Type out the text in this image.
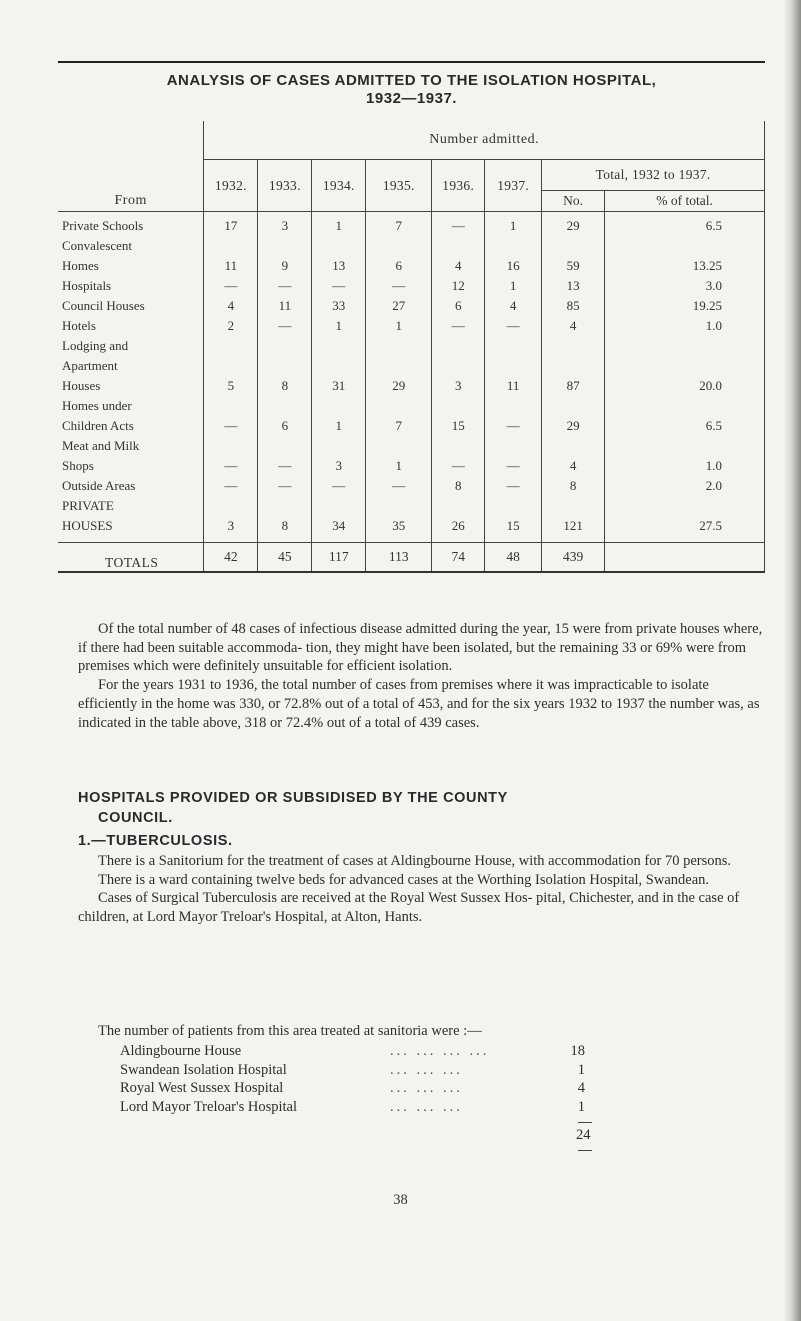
ANALYSIS OF CASES ADMITTED TO THE ISOLATION HOSPITAL,
1932—1937.
From	Number admitted.							
	1932.	1933.	1934.	1935.	1936.	1937.	Total, 1932 to 1937.	
							No.	% of total.

Private Schools	17	3	1	7	—	1	29	6.5

Convalescent
Homes	11	9	13	6	4	16	59	13.25

Hospitals	—	—	—	—	12	1	13	3.0

Council Houses	4	11	33	27	6	4	85	19.25

Hotels	2	—	1	1	—	—	4	1.0

Lodging and
Apartment
Houses	5	8	31	29	3	11	87	20.0

Homes under
Children Acts	—	6	1	7	15	—	29	6.5

Meat and Milk
Shops	—	—	3	1	—	—	4	1.0

Outside Areas	—	—	—	—	8	—	8	2.0

PRIVATE
HOUSES	3	8	34	35	26	15	121	27.5
TOTALS	42	45	117	113	74	48	439	

Of the total number of 48 cases of infectious disease admitted during the year, 15 were from private houses where, if there had been suitable accommoda- tion, they might have been isolated, but the remaining 33 or 69% were from premises which were definitely unsuitable for efficient isolation.

For the years 1931 to 1936, the total number of cases from premises where it was impracticable to isolate efficiently in the home was 330, or 72.8% out of a total of 453, and for the six years 1932 to 1937 the number was, as indicated in the table above, 318 or 72.4% out of a total of 439 cases.

HOSPITALS PROVIDED OR SUBSIDISED BY THE COUNTY
COUNCIL.
1.—TUBERCULOSIS.

There is a Sanitorium for the treatment of cases at Aldingbourne House, with accommodation for 70 persons.

There is a ward containing twelve beds for advanced cases at the Worthing Isolation Hospital, Swandean.

Cases of Surgical Tuberculosis are received at the Royal West Sussex Hos- pital, Chichester, and in the case of children, at Lord Mayor Treloar's Hospital, at Alton, Hants.

The number of patients from this area treated at sanitoria were :—
Aldingbourne House	... ... ... ...	18
Swandean Isolation Hospital	... ... ...	1
Royal West Sussex Hospital	... ... ...	4
Lord Mayor Treloar's Hospital	... ... ...	1
24
38
